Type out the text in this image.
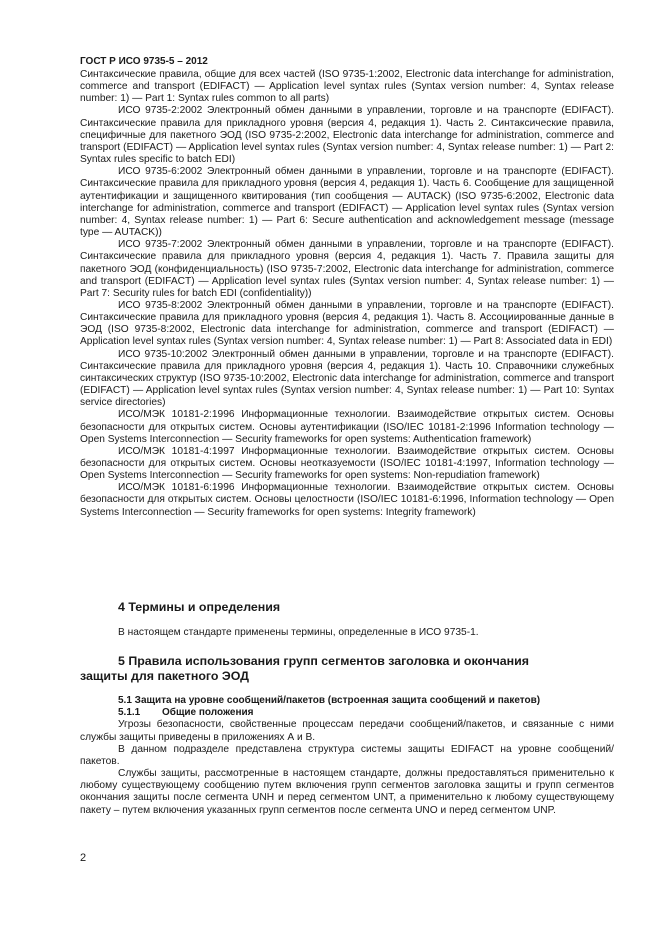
ГОСТ Р ИСО 9735-5 – 2012

Синтаксические правила, общие для всех частей (ISO 9735-1:2002, Electronic data interchange for administration, commerce and transport (EDIFACT) — Application level syntax rules (Syntax version number: 4, Syntax release number: 1) — Part 1: Syntax rules common to all parts)

ИСО 9735-2:2002 Электронный обмен данными в управлении, торговле и на транспорте (EDIFACT). Синтаксические правила для прикладного уровня (версия 4, редакция 1). Часть 2. Синтаксические правила, специфичные для пакетного ЭОД (ISO 9735-2:2002, Electronic data interchange for administration, commerce and transport (EDIFACT) — Application level syntax rules (Syntax version number: 4, Syntax release number: 1) — Part 2: Syntax rules specific to batch EDI)

ИСО 9735-6:2002 Электронный обмен данными в управлении, торговле и на транспорте (EDIFACT). Синтаксические правила для прикладного уровня (версия 4, редакция 1). Часть 6. Сообщение для защищенной аутентификации и защищенного квитирования (тип сообщения — AUTACK) (ISO 9735-6:2002, Electronic data interchange for administration, commerce and transport (EDIFACT) — Application level syntax rules (Syntax version number: 4, Syntax release number: 1) — Part 6: Secure authentication and acknowledgement message (message type — AUTACK))

ИСО 9735-7:2002 Электронный обмен данными в управлении, торговле и на транспорте (EDIFACT). Синтаксические правила для прикладного уровня (версия 4, редакция 1). Часть 7. Правила защиты для пакетного ЭОД (конфиденциальность) (ISO 9735-7:2002, Electronic data interchange for administration, commerce and transport (EDIFACT) — Application level syntax rules (Syntax version number: 4, Syntax release number: 1) — Part 7: Security rules for batch EDI (confidentiality))

ИСО 9735-8:2002 Электронный обмен данными в управлении, торговле и на транспорте (EDIFACT). Синтаксические правила для прикладного уровня (версия 4, редакция 1). Часть 8. Ассоциированные данные в ЭОД (ISO 9735-8:2002, Electronic data interchange for administration, commerce and transport (EDIFACT) — Application level syntax rules (Syntax version number: 4, Syntax release number: 1) — Part 8: Associated data in EDI)

ИСО 9735-10:2002 Электронный обмен данными в управлении, торговле и на транспорте (EDIFACT). Синтаксические правила для прикладного уровня (версия 4, редакция 1). Часть 10. Справочники служебных синтаксических структур (ISO 9735-10:2002, Electronic data interchange for administration, commerce and transport (EDIFACT) — Application level syntax rules (Syntax version number: 4, Syntax release number: 1) — Part 10: Syntax service directories)

ИСО/МЭК 10181-2:1996 Информационные технологии. Взаимодействие открытых систем. Основы безопасности для открытых систем. Основы аутентификации (ISO/IEC 10181-2:1996 Information technology — Open Systems Interconnection — Security frameworks for open systems: Authentication framework)

ИСО/МЭК 10181-4:1997 Информационные технологии. Взаимодействие открытых систем. Основы безопасности для открытых систем. Основы неотказуемости (ISO/IEC 10181-4:1997, Information technology — Open Systems Interconnection — Security frameworks for open systems: Non-repudiation framework)

ИСО/МЭК 10181-6:1996 Информационные технологии. Взаимодействие открытых систем. Основы безопасности для открытых систем. Основы целостности (ISO/IEC 10181-6:1996, Information technology — Open Systems Interconnection — Security frameworks for open systems: Integrity framework)

4 Термины и определения

В настоящем стандарте применены термины, определенные в ИСО 9735-1.

5 Правила использования групп сегментов заголовка и окончания
защиты для пакетного ЭОД
5.1 Защита на уровне сообщений/пакетов (встроенная защита сообщений и пакетов)
5.1.1 Общие положения

Угрозы безопасности, свойственные процессам передачи сообщений/пакетов, и связанные с ними службы защиты приведены в приложениях А и В.

В данном подразделе представлена структура системы защиты EDIFACT на уровне сообщений/пакетов.

Службы защиты, рассмотренные в настоящем стандарте, должны предоставляться применительно к любому существующему сообщению путем включения групп сегментов заголовка защиты и групп сегментов окончания защиты после сегмента UNH и перед сегментом UNT, а применительно к любому существующему пакету – путем включения указанных групп сегментов после сегмента UNO и перед сегментом UNP.

2
